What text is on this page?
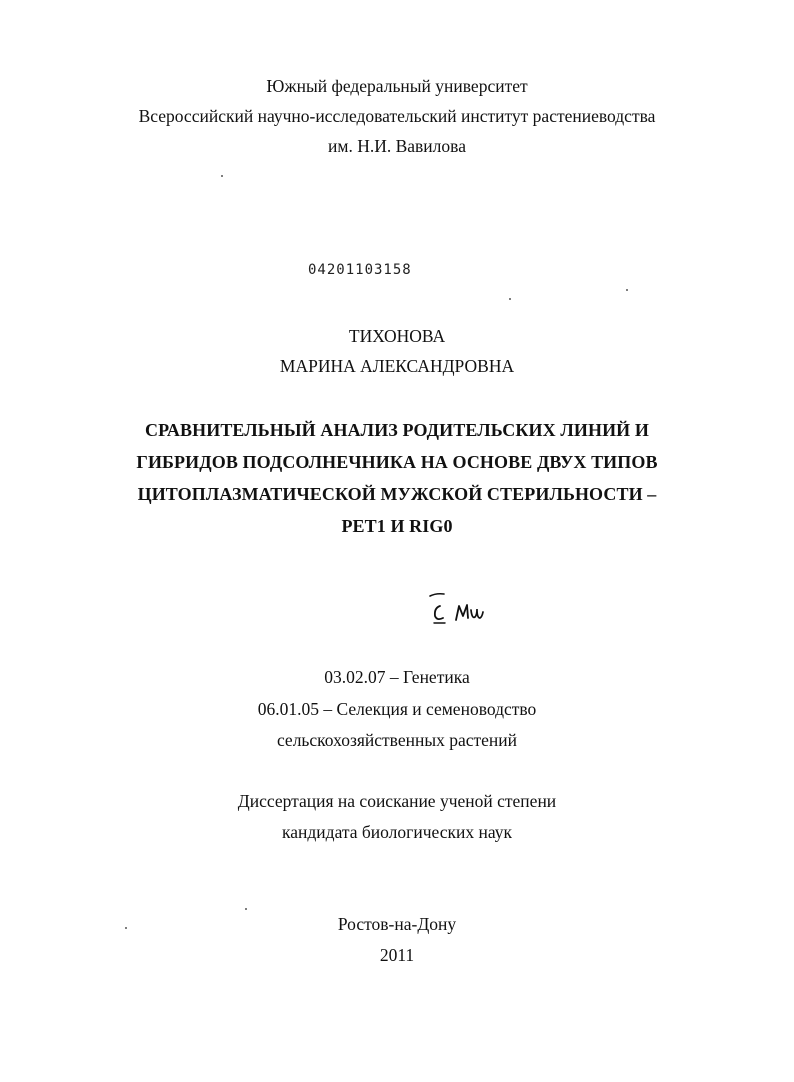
Южный федеральный университет
Всероссийский научно-исследовательский институт растениеводства
им. Н.И. Вавилова
04201103158
ТИХОНОВА
МАРИНА АЛЕКСАНДРОВНА
СРАВНИТЕЛЬНЫЙ АНАЛИЗ РОДИТЕЛЬСКИХ ЛИНИЙ И
ГИБРИДОВ ПОДСОЛНЕЧНИКА НА ОСНОВЕ ДВУХ ТИПОВ
ЦИТОПЛАЗМАТИЧЕСКОЙ МУЖСКОЙ СТЕРИЛЬНОСТИ –
PET1 И RIG0
03.02.07 – Генетика
06.01.05 – Селекция и семеноводство
сельскохозяйственных растений
Диссертация на соискание ученой степени
кандидата биологических наук
Ростов-на-Дону
2011
